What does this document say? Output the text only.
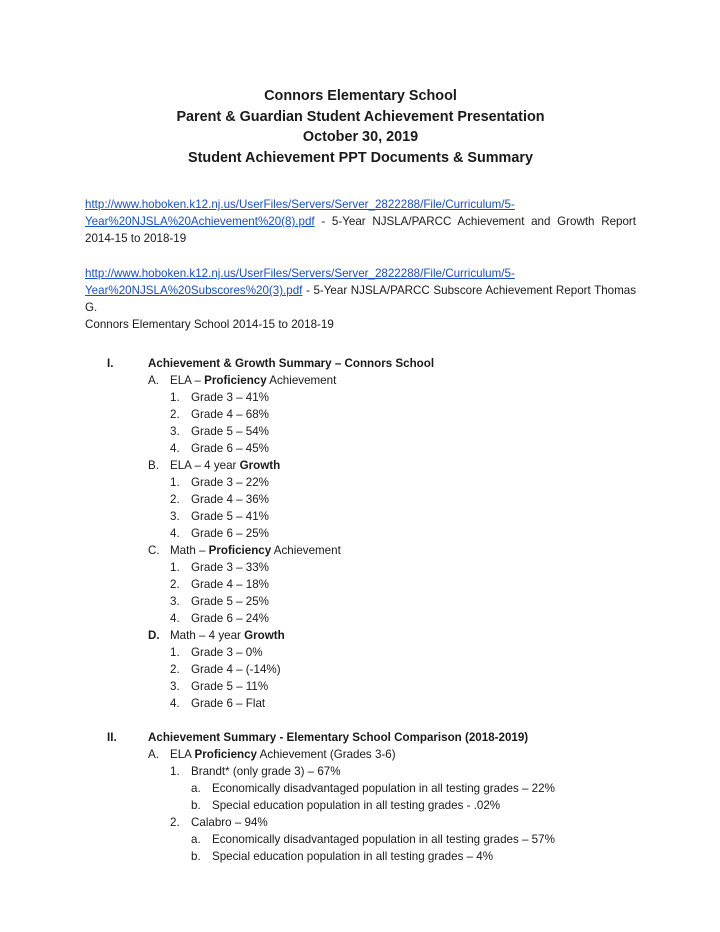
Connors Elementary School
Parent & Guardian Student Achievement Presentation
October 30, 2019
Student Achievement PPT Documents & Summary
http://www.hoboken.k12.nj.us/UserFiles/Servers/Server_2822288/File/Curriculum/5-
Year%20NJSLA%20Achievement%20(8).pdf - 5-Year NJSLA/PARCC Achievement and Growth Report
2014-15 to 2018-19
http://www.hoboken.k12.nj.us/UserFiles/Servers/Server_2822288/File/Curriculum/5-
Year%20NJSLA%20Subscores%20(3).pdf - 5-Year NJSLA/PARCC Subscore Achievement Report Thomas G.
Connors Elementary School 2014-15 to 2018-19
I.	Achievement & Growth Summary – Connors School
A. ELA – Proficiency Achievement
1. Grade 3 – 41%
2. Grade 4 – 68%
3. Grade 5 – 54%
4. Grade 6 – 45%
B. ELA – 4 year Growth
1. Grade 3 – 22%
2. Grade 4 – 36%
3. Grade 5 – 41%
4. Grade 6 – 25%
C. Math – Proficiency Achievement
1. Grade 3 – 33%
2. Grade 4 – 18%
3. Grade 5 – 25%
4. Grade 6 – 24%
D. Math – 4 year Growth
1. Grade 3 – 0%
2. Grade 4 – (-14%)
3. Grade 5 – 11%
4. Grade 6 – Flat
II.	Achievement Summary - Elementary School Comparison (2018-2019)
A. ELA Proficiency Achievement (Grades 3-6)
1. Brandt* (only grade 3) – 67%
a. Economically disadvantaged population in all testing grades – 22%
b. Special education population in all testing grades - .02%
2. Calabro – 94%
a. Economically disadvantaged population in all testing grades – 57%
b. Special education population in all testing grades – 4%
